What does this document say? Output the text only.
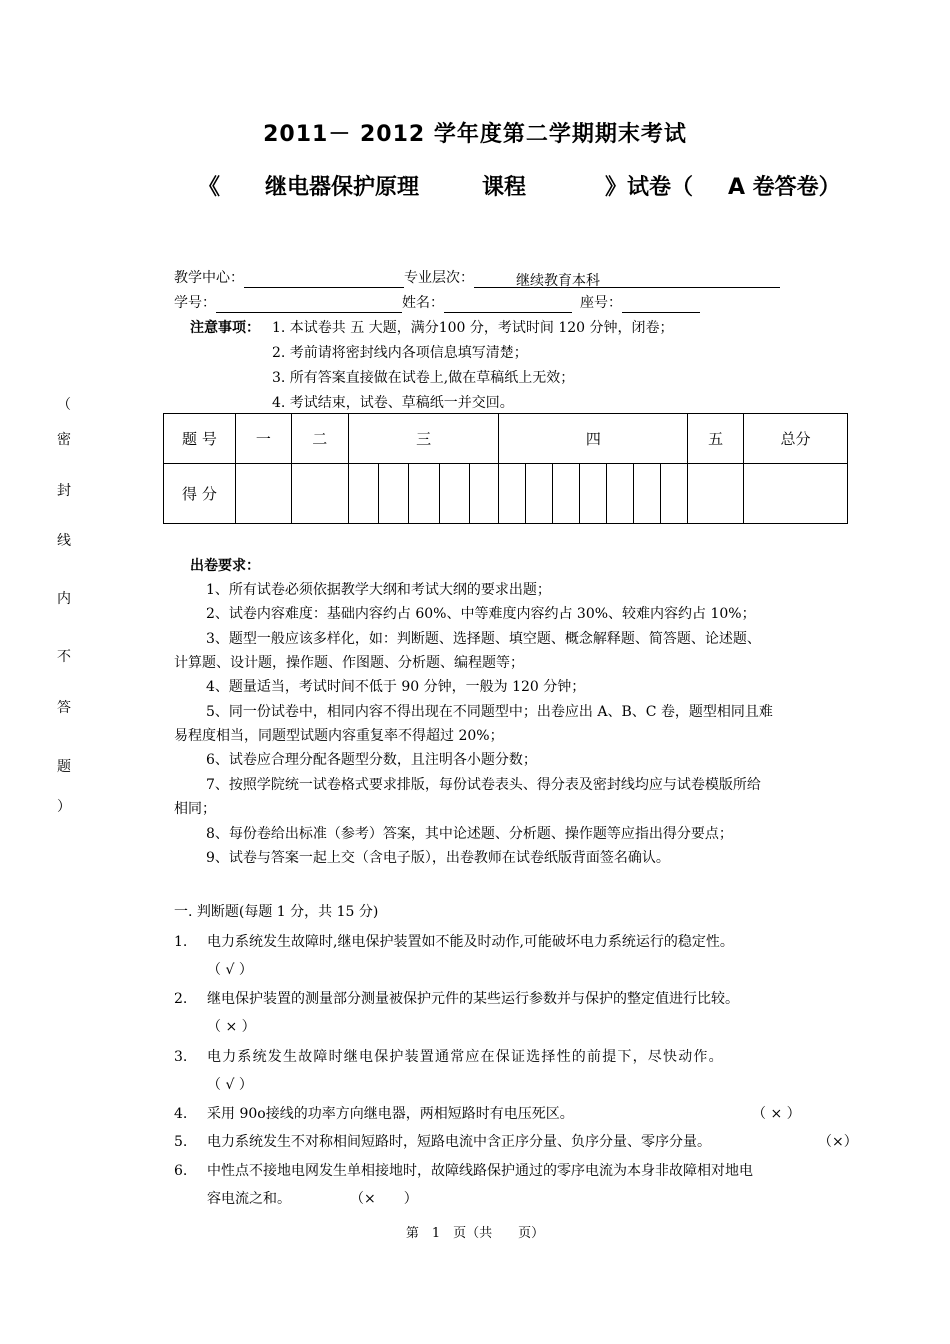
2011－ 2012 学年度第二学期期末考试
《 继电器保护原理	课程	》试卷（ A 卷答卷）
教学中心：	专业层次：	继续教育本科
学号：	姓名：	座号：
注意事项： 1. 本试卷共 五 大题，满分100 分，考试时间 120 分钟，闭卷；
2. 考前请将密封线内各项信息填写清楚；
3. 所有答案直接做在试卷上,做在草稿纸上无效；
4. 考试结束，试卷、草稿纸一并交回。
（
密
封
线
内
不
答
题
）
题 号	一	二	三					四							五	总分
得 分																
出卷要求：
1、所有试卷必须依据教学大纲和考试大纲的要求出题；
2、试卷内容难度：基础内容约占 60%、中等难度内容约占 30%、较难内容约占 10%；
3、题型一般应该多样化，如：判断题、选择题、填空题、概念解释题、简答题、论述题、
计算题、设计题，操作题、作图题、分析题、编程题等；
4、题量适当，考试时间不低于 90 分钟，一般为 120 分钟；
5、同一份试卷中，相同内容不得出现在不同题型中；出卷应出 A、B、C 卷，题型相同且难
易程度相当，同题型试题内容重复率不得超过 20%；
6、试卷应合理分配各题型分数，且注明各小题分数；
7、按照学院统一试卷格式要求排版，每份试卷表头、得分表及密封线均应与试卷模版所给
相同；
8、每份卷给出标准（参考）答案，其中论述题、分析题、操作题等应指出得分要点；
9、试卷与答案一起上交（含电子版），出卷教师在试卷纸版背面签名确认。
一. 判断题(每题 1 分，共 15 分)
1. 电力系统发生故障时,继电保护装置如不能及时动作,可能破坏电力系统运行的稳定性。
（ √ ）
2. 继电保护装置的测量部分测量被保护元件的某些运行参数并与保护的整定值进行比较。
（ × ）
3. 电力系统发生故障时继电保护装置通常应在保证选择性的前提下，尽快动作。
（ √ ）
4. 采用 90o接线的功率方向继电器，两相短路时有电压死区。	（ × ）
5. 电力系统发生不对称相间短路时，短路电流中含正序分量、负序分量、零序分量。	（×）
6. 中性点不接地电网发生单相接地时，故障线路保护通过的零序电流为本身非故障相对地电
容电流之和。	（×　　）
第　1　页（共　　页）
